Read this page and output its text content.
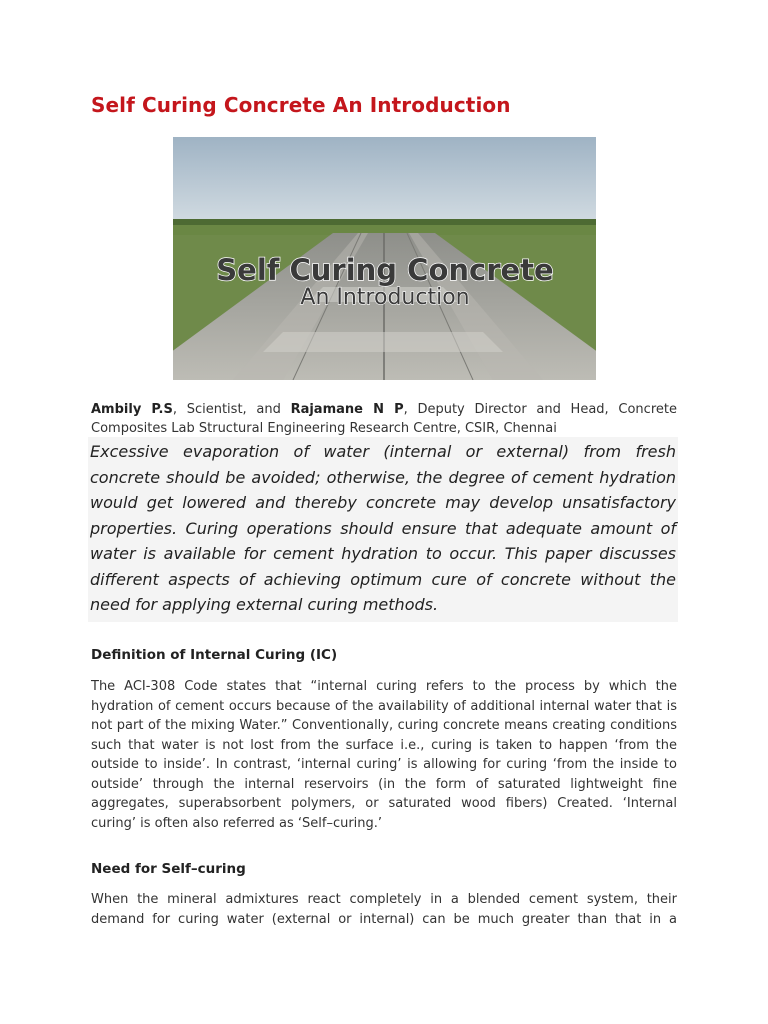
Self Curing Concrete An Introduction
Self Curing Concrete
An Introduction

Ambily P.S, Scientist, and Rajamane N P, Deputy Director and Head, Concrete Composites Lab Structural Engineering Research Centre, CSIR, Chennai

Excessive evaporation of water (internal or external) from fresh concrete should be avoided; otherwise, the degree of cement hydration would get lowered and thereby concrete may develop unsatisfactory properties. Curing operations should ensure that adequate amount of water is available for cement hydration to occur. This paper discusses different aspects of achieving optimum cure of concrete without the need for applying external curing methods.
Definition of Internal Curing (IC)

The ACI-308 Code states that “internal curing refers to the process by which the hydration of cement occurs because of the availability of additional internal water that is not part of the mixing Water.” Conventionally, curing concrete means creating conditions such that water is not lost from the surface i.e., curing is taken to happen ‘from the outside to inside’. In contrast, ‘internal curing’ is allowing for curing ‘from the inside to outside’ through the internal reservoirs (in the form of saturated lightweight fine aggregates, superabsorbent polymers, or saturated wood fibers) Created. ‘Internal curing’ is often also referred as ‘Self–curing.’

Need for Self–curing

When the mineral admixtures react completely in a blended cement system, their demand for curing water (external or internal) can be much greater than that in a
